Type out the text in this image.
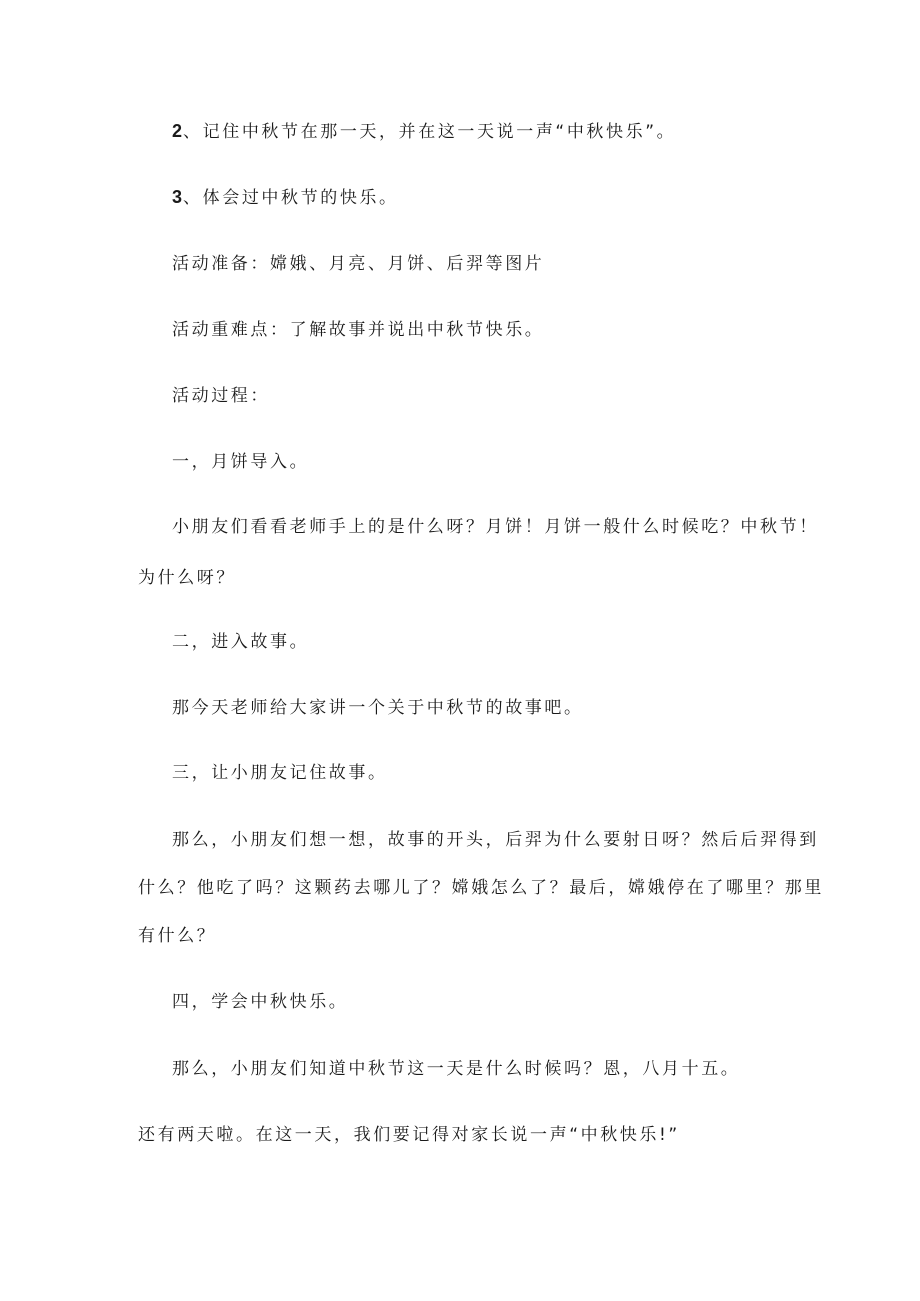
2、记住中秋节在那一天，并在这一天说一声“中秋快乐”。
3、体会过中秋节的快乐。
活动准备：嫦娥、月亮、月饼、后羿等图片
活动重难点：了解故事并说出中秋节快乐。
活动过程：
一，月饼导入。
小朋友们看看老师手上的是什么呀？月饼！月饼一般什么时候吃？中秋节！
为什么呀？
二，进入故事。
那今天老师给大家讲一个关于中秋节的故事吧。
三，让小朋友记住故事。
那么，小朋友们想一想，故事的开头，后羿为什么要射日呀？然后后羿得到
什么？他吃了吗？这颗药去哪儿了？嫦娥怎么了？最后，嫦娥停在了哪里？那里
有什么？
四，学会中秋快乐。
那么，小朋友们知道中秋节这一天是什么时候吗？恩，八月十五。
还有两天啦。在这一天，我们要记得对家长说一声“中秋快乐!”
